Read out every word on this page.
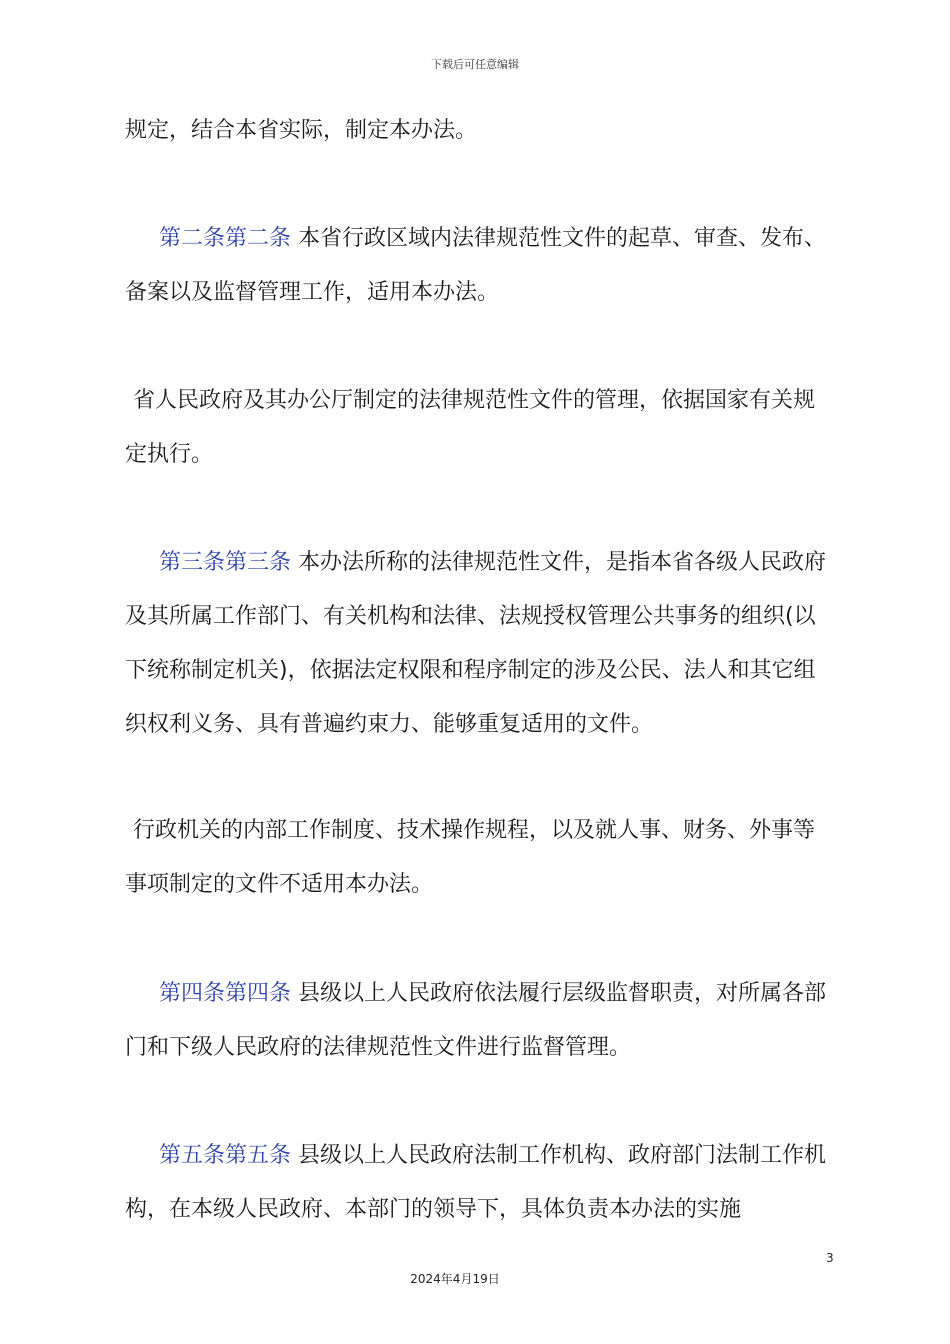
下载后可任意编辑

规定，结合本省实际，制定本办法。

第二条第二条 本省行政区域内法律规范性文件的起草、审查、发布、备案以及监督管理工作，适用本办法。

省人民政府及其办公厅制定的法律规范性文件的管理，依据国家有关规定执行。

第三条第三条 本办法所称的法律规范性文件，是指本省各级人民政府及其所属工作部门、有关机构和法律、法规授权管理公共事务的组织(以下统称制定机关)，依据法定权限和程序制定的涉及公民、法人和其它组织权利义务、具有普遍约束力、能够重复适用的文件。

行政机关的内部工作制度、技术操作规程，以及就人事、财务、外事等事项制定的文件不适用本办法。

第四条第四条 县级以上人民政府依法履行层级监督职责，对所属各部门和下级人民政府的法律规范性文件进行监督管理。

第五条第五条 县级以上人民政府法制工作机构、政府部门法制工作机构，在本级人民政府、本部门的领导下，具体负责本办法的实施

3
2024年4月19日
